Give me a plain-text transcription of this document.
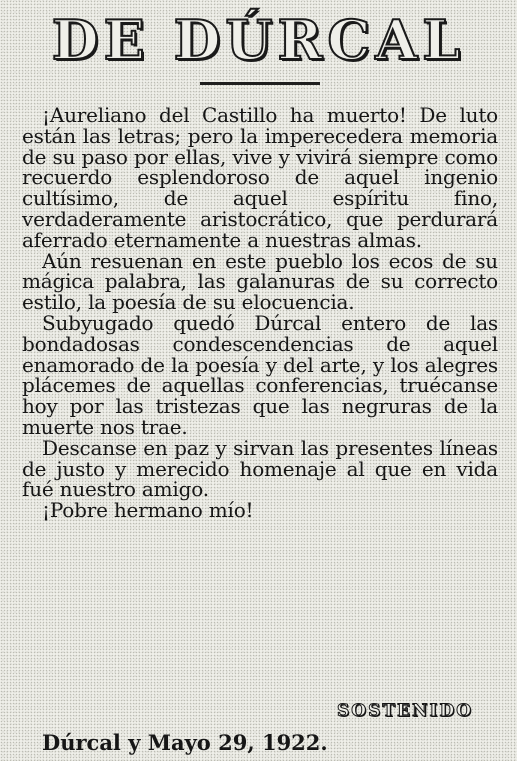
DE DÚRCAL

¡Aureliano del Castillo ha muerto! De luto están las letras; pero la imperecedera memoria de su paso por ellas, vive y vivirá siempre como recuerdo esplendoroso de aquel ingenio cultísimo, de aquel espíritu fino, verdaderamente aristocrático, que perdurará aferrado eternamente a nuestras almas.

Aún resuenan en este pueblo los ecos de su mágica palabra, las galanuras de su correcto estilo, la poesía de su elocuencia.

Subyugado quedó Dúrcal entero de las bondadosas condescendencias de aquel enamorado de la poesía y del arte, y los alegres plácemes de aquellas conferencias, truécanse hoy por las tristezas que las negruras de la muerte nos trae.

Descanse en paz y sirvan las presentes líneas de justo y merecido homenaje al que en vida fué nuestro amigo.

¡Pobre hermano mío!

SOSTENIDO
Dúrcal y Mayo 29, 1922.
